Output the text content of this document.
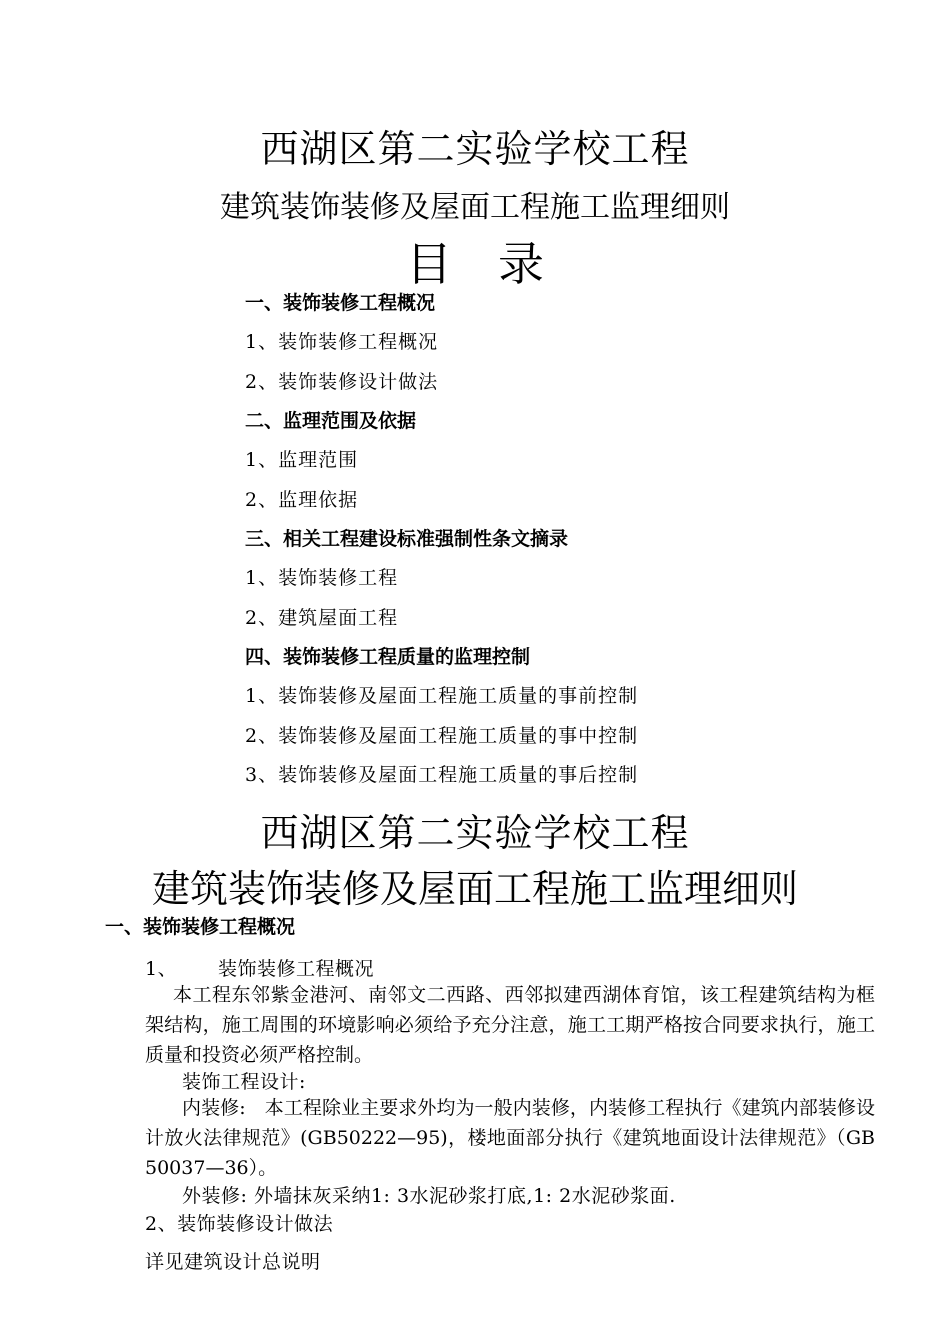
西湖区第二实验学校工程
建筑装饰装修及屋面工程施工监理细则
目　录
一、装饰装修工程概况
1、装饰装修工程概况
2、装饰装修设计做法
二、监理范围及依据
1、监理范围
2、监理依据
三、相关工程建设标准强制性条文摘录
1、装饰装修工程
2、建筑屋面工程
四、装饰装修工程质量的监理控制
1、装饰装修及屋面工程施工质量的事前控制
2、装饰装修及屋面工程施工质量的事中控制
3、装饰装修及屋面工程施工质量的事后控制
西湖区第二实验学校工程
建筑装饰装修及屋面工程施工监理细则
一、装饰装修工程概况
1、 装饰装修工程概况
本工程东邻紫金港河、南邻文二西路、西邻拟建西湖体育馆，该工程建筑结构为框架结构，施工周围的环境影响必须给予充分注意，施工工期严格按合同要求执行，施工质量和投资必须严格控制。
装饰工程设计:
内装修:　本工程除业主要求外均为一般内装修，内装修工程执行《建筑内部装修设计放火法律规范》(GB50222—95)，楼地面部分执行《建筑地面设计法律规范》（GB50037—36）。
外装修: 外墙抹灰采纳1: 3水泥砂浆打底,1: 2水泥砂浆面.
2、装饰装修设计做法
详见建筑设计总说明
